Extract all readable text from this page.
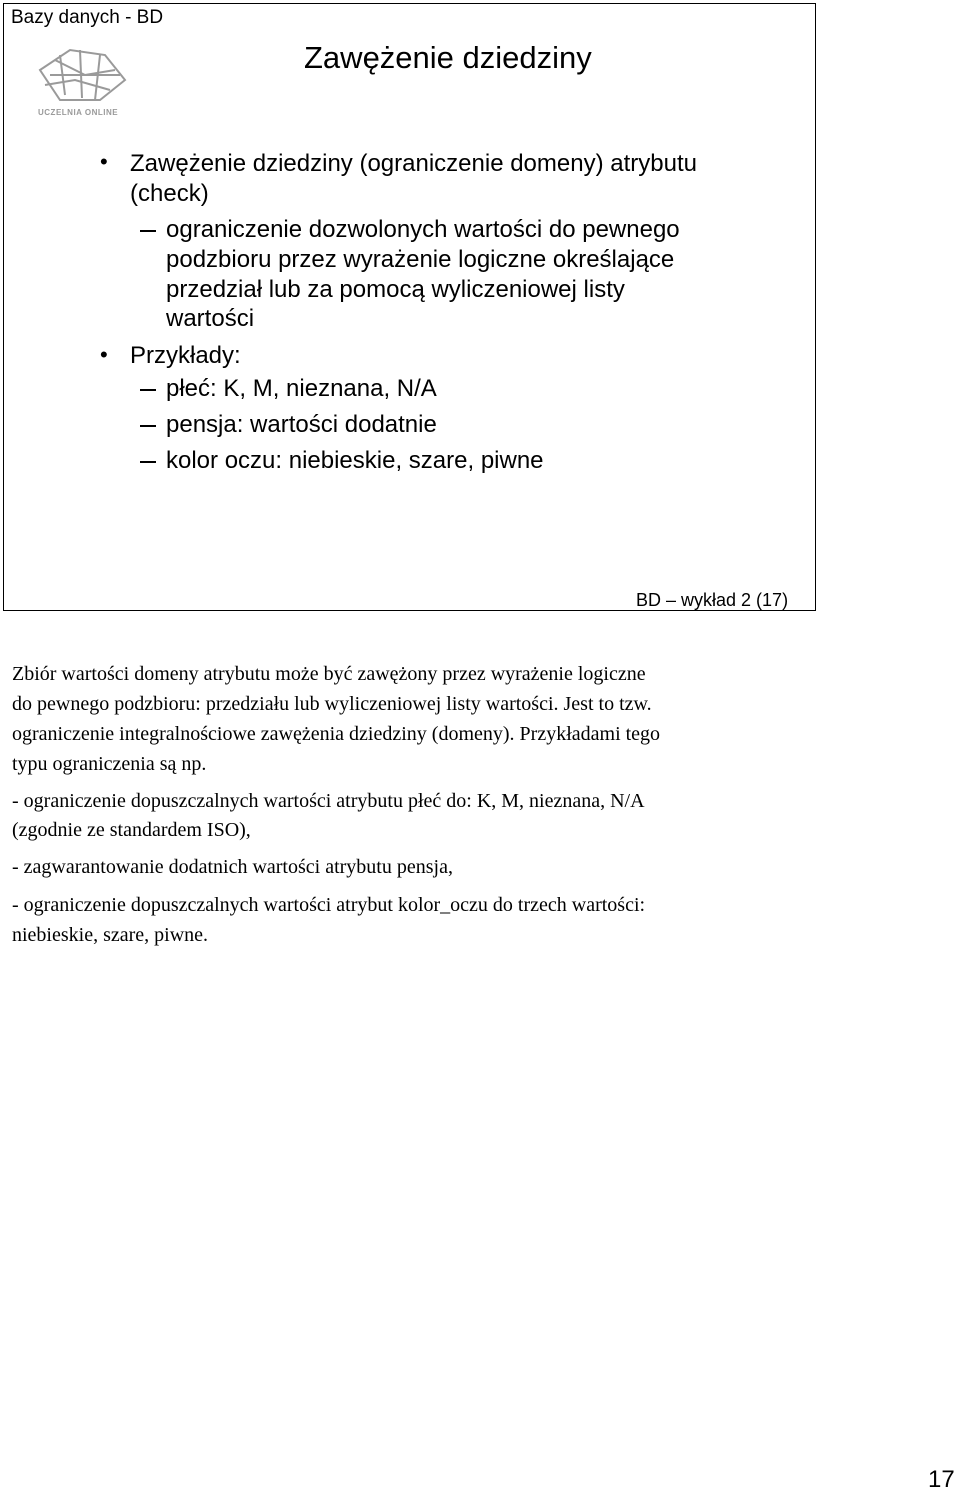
Bazy danych - BD
UCZELNIA ONLINE
Zawężenie dziedziny
• Zawężenie dziedziny (ograniczenie domeny) atrybutu
(check)
ograniczenie dozwolonych wartości do pewnego
podzbioru przez wyrażenie logiczne określające
przedział lub za pomocą wyliczeniowej listy
wartości
• Przykłady:
płeć: K, M, nieznana, N/A
pensja: wartości dodatnie
kolor oczu: niebieskie, szare, piwne
BD – wykład 2 (17)
Zbiór wartości domeny atrybutu może być zawężony przez wyrażenie logiczne
do pewnego podzbioru: przedziału lub wyliczeniowej listy wartości. Jest to tzw.
ograniczenie integralnościowe zawężenia dziedziny (domeny). Przykładami tego
typu ograniczenia są np.
- ograniczenie dopuszczalnych wartości atrybutu płeć do: K, M, nieznana, N/A
(zgodnie ze standardem ISO),
- zagwarantowanie dodatnich wartości atrybutu pensja,
- ograniczenie dopuszczalnych wartości atrybut kolor_oczu do trzech wartości:
niebieskie, szare, piwne.
17
